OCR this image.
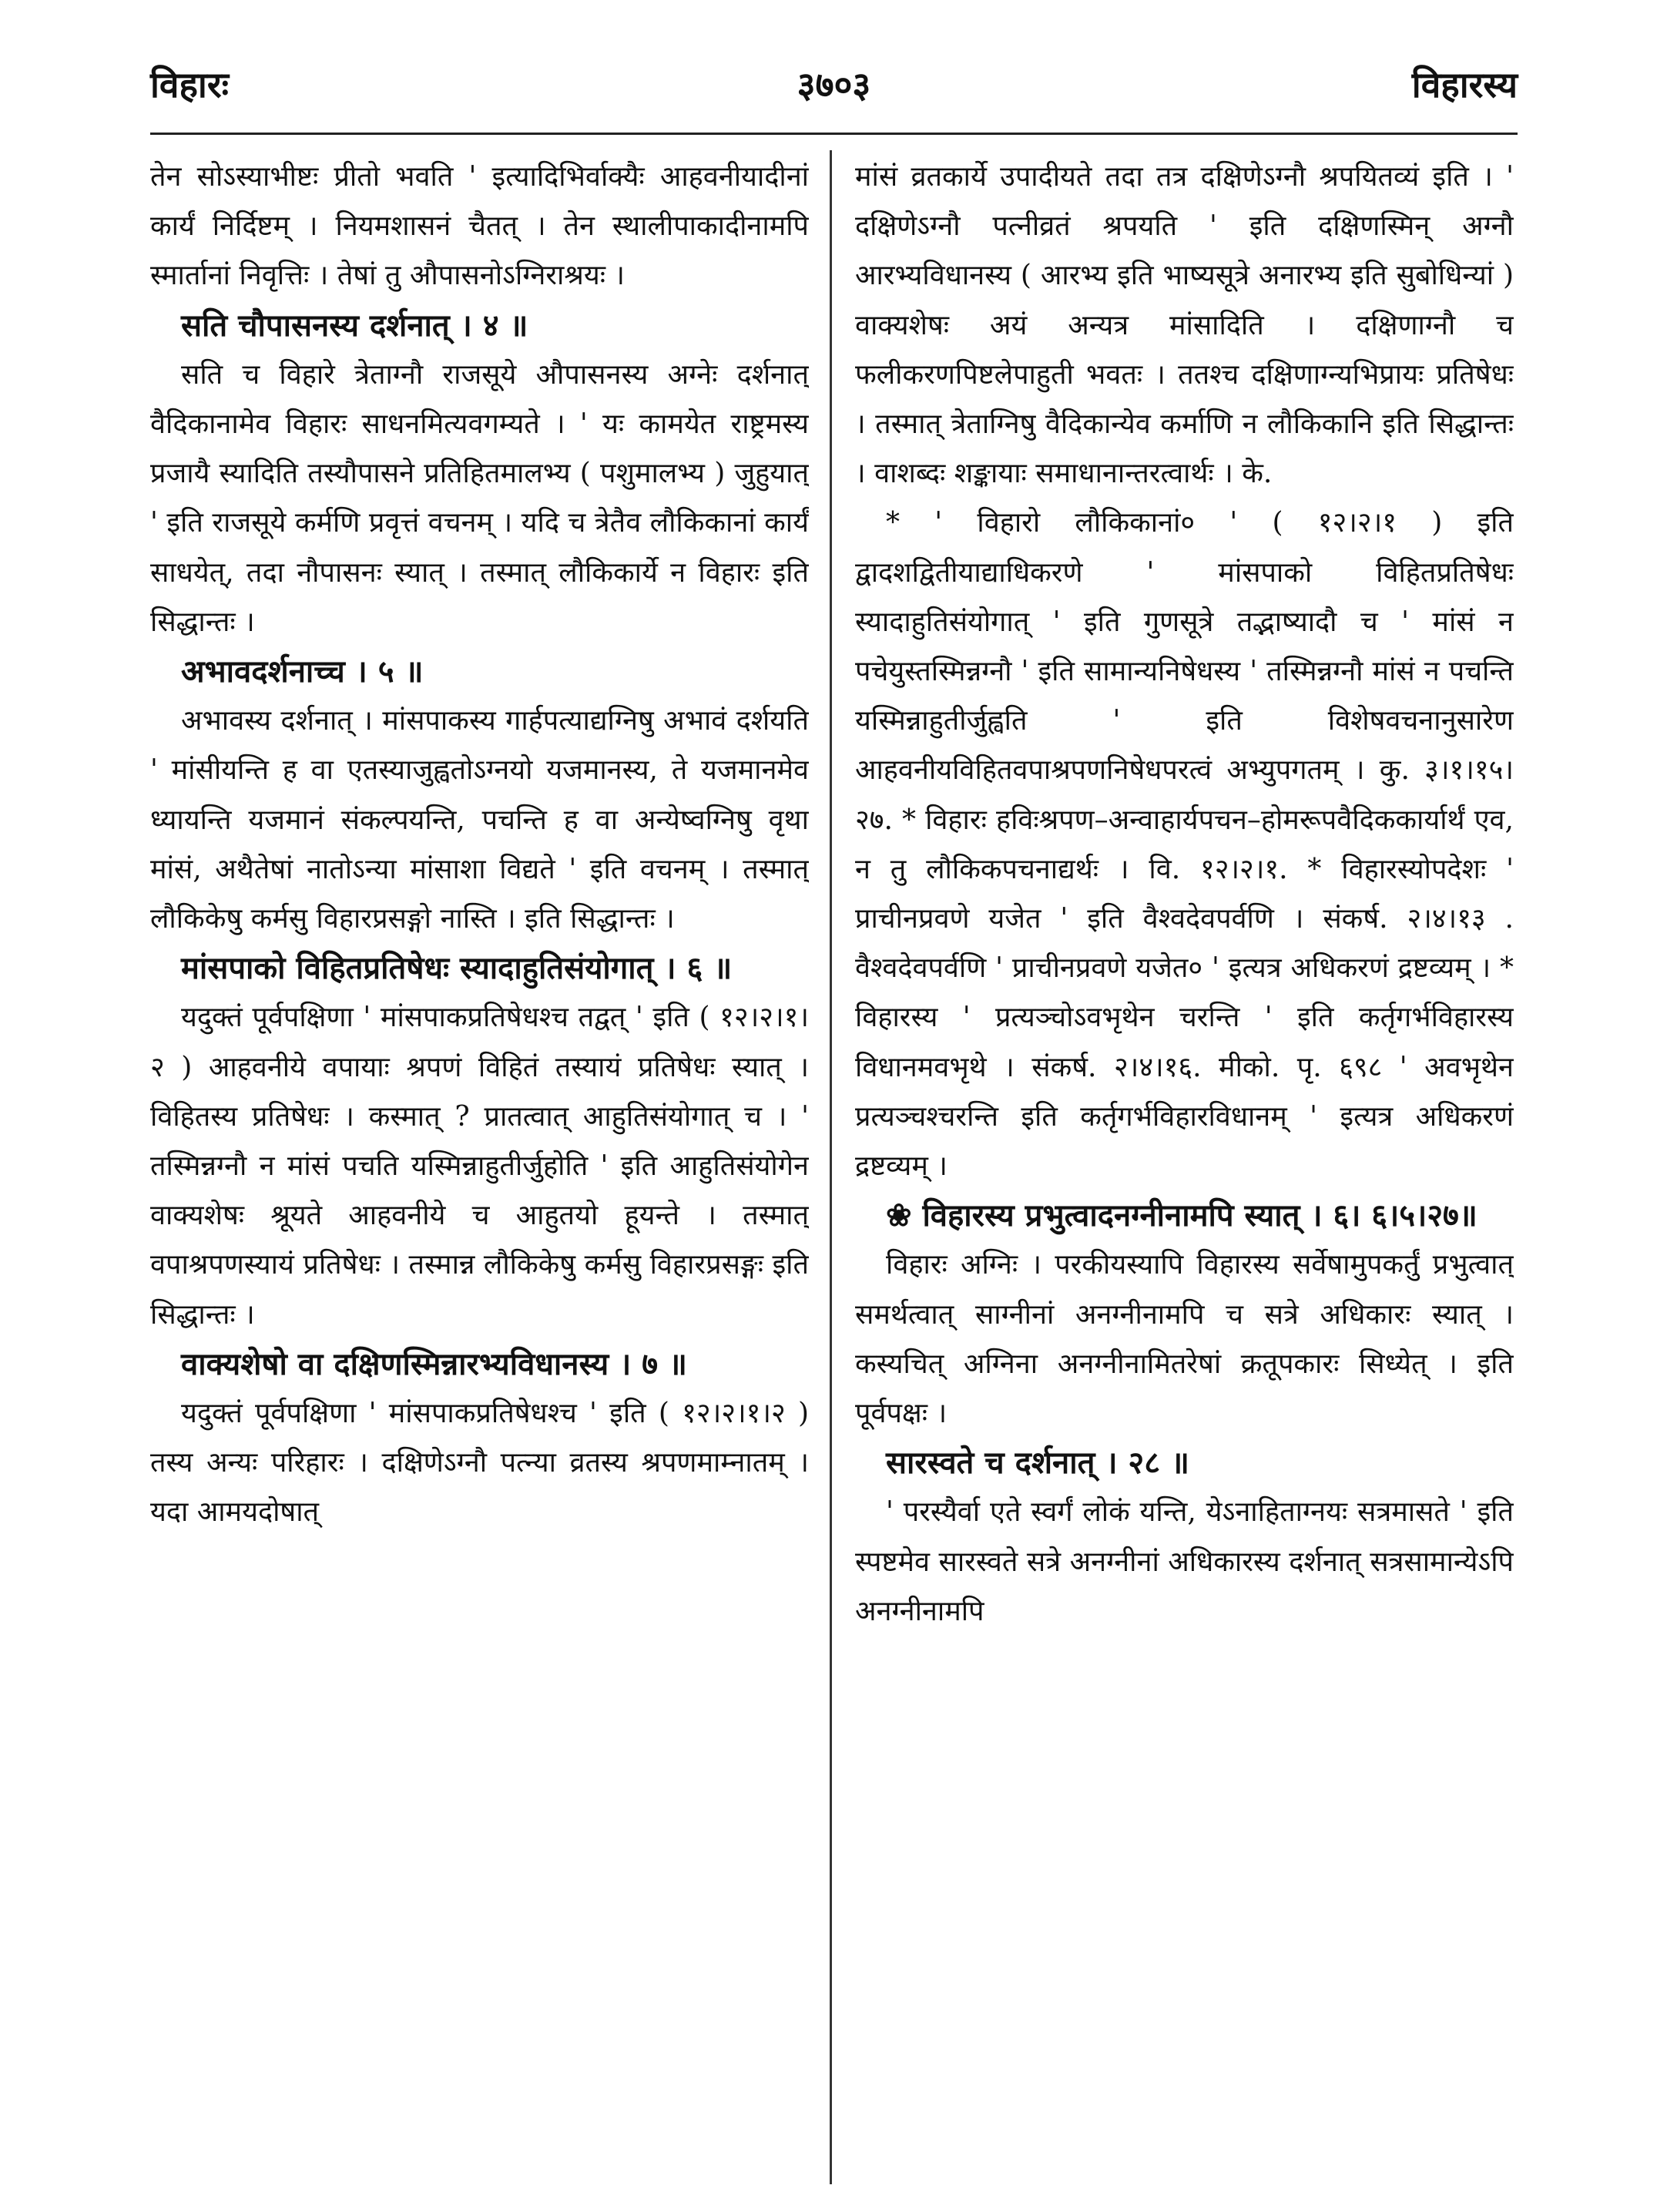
विहारः	३७०३	विहारस्य

तेन सोऽस्याभीष्टः प्रीतो भवति ' इत्यादिभिर्वाक्यैः आहवनीयादीनां कार्यं निर्दिष्टम् । नियमशासनं चैतत् । तेन स्थालीपाकादीनामपि स्मार्तानां निवृत्तिः । तेषां तु औपासनोऽग्निराश्रयः ।

सति चौपासनस्य दर्शनात् । ४ ॥

सति च विहारे त्रेताग्नौ राजसूये औपासनस्य अग्नेः दर्शनात् वैदिकानामेव विहारः साधनमित्यवगम्यते । ' यः कामयेत राष्ट्रमस्य प्रजायै स्यादिति तस्यौपासने प्रतिहितमालभ्य ( पशुमालभ्य ) जुहुयात् ' इति राजसूये कर्मणि प्रवृत्तं वचनम् । यदि च त्रेतैव लौकिकानां कार्यं साधयेत्, तदा नौपासनः स्यात् । तस्मात् लौकिकार्ये न विहारः इति सिद्धान्तः ।

अभावदर्शनाच्च । ५ ॥

अभावस्य दर्शनात् । मांसपाकस्य गार्हपत्याद्यग्निषु अभावं दर्शयति ' मांसीयन्ति ह वा एतस्याजुह्वतोऽग्नयो यजमानस्य, ते यजमानमेव ध्यायन्ति यजमानं संकल्पयन्ति, पचन्ति ह वा अन्येष्वग्निषु वृथा मांसं, अथैतेषां नातोऽन्या मांसाशा विद्यते ' इति वचनम् । तस्मात् लौकिकेषु कर्मसु विहारप्रसङ्गो नास्ति । इति सिद्धान्तः ।

मांसपाको विहितप्रतिषेधः स्यादाहुतिसंयोगात् । ६ ॥

यदुक्तं पूर्वपक्षिणा ' मांसपाकप्रतिषेधश्च तद्वत् ' इति ( १२।२।१।२ ) आहवनीये वपायाः श्रपणं विहितं तस्यायं प्रतिषेधः स्यात् । विहितस्य प्रतिषेधः । कस्मात् ? प्रातत्वात् आहुतिसंयोगात् च । ' तस्मिन्नग्नौ न मांसं पचति यस्मिन्नाहुतीर्जुहोति ' इति आहुतिसंयोगेन वाक्यशेषः श्रूयते आहवनीये च आहुतयो हूयन्ते । तस्मात् वपाश्रपणस्यायं प्रतिषेधः । तस्मान्न लौकिकेषु कर्मसु विहारप्रसङ्गः इति सिद्धान्तः ।

वाक्यशेषो वा दक्षिणस्मिन्नारभ्यविधानस्य । ७ ॥

यदुक्तं पूर्वपक्षिणा ' मांसपाकप्रतिषेधश्च ' इति ( १२।२।१।२ ) तस्य अन्यः परिहारः । दक्षिणेऽग्नौ पत्न्या व्रतस्य श्रपणमाम्नातम् । यदा आमयदोषात्

मांसं व्रतकार्ये उपादीयते तदा तत्र दक्षिणेऽग्नौ श्रपयितव्यं इति । ' दक्षिणेऽग्नौ पत्नीव्रतं श्रपयति ' इति दक्षिणस्मिन् अग्नौ आरभ्यविधानस्य ( आरभ्य इति भाष्यसूत्रे अनारभ्य इति सुबोधिन्यां ) वाक्यशेषः अयं अन्यत्र मांसादिति । दक्षिणाग्नौ च फलीकरणपिष्टलेपाहुती भवतः । ततश्च दक्षिणाग्न्यभिप्रायः प्रतिषेधः । तस्मात् त्रेताग्निषु वैदिकान्येव कर्माणि न लौकिकानि इति सिद्धान्तः । वाशब्दः शङ्कायाः समाधानान्तरत्वार्थः । के.

* ' विहारो लौकिकानां० ' ( १२।२।१ ) इति द्वादशद्वितीयाद्याधिकरणे ' मांसपाको विहितप्रतिषेधः स्यादाहुतिसंयोगात् ' इति गुणसूत्रे तद्भाष्यादौ च ' मांसं न पचेयुस्तस्मिन्नग्नौ ' इति सामान्यनिषेधस्य ' तस्मिन्नग्नौ मांसं न पचन्ति यस्मिन्नाहुतीर्जुह्वति ' इति विशेषवचनानुसारेण आहवनीयविहितवपाश्रपणनिषेधपरत्वं अभ्युपगतम् । कु. ३।१।१५।२७. * विहारः हविःश्रपण–अन्वाहार्यपचन–होमरूपवैदिककार्यार्थं एव, न तु लौकिकपचनाद्यर्थः । वि. १२।२।१. * विहारस्योपदेशः ' प्राचीनप्रवणे यजेत ' इति वैश्वदेवपर्वणि । संकर्ष. २।४।१३ . वैश्वदेवपर्वणि ' प्राचीनप्रवणे यजेत० ' इत्यत्र अधिकरणं द्रष्टव्यम् । * विहारस्य ' प्रत्यञ्चोऽवभृथेन चरन्ति ' इति कर्तृगर्भविहारस्य विधानमवभृथे । संकर्ष. २।४।१६. मीको. पृ. ६९८ ' अवभृथेन प्रत्यञ्चश्चरन्ति इति कर्तृगर्भविहारविधानम् ' इत्यत्र अधिकरणं द्रष्टव्यम् ।

❀ विहारस्य प्रभुत्वादनग्नीनामपि स्यात् । ६। ६।५।२७॥

विहारः अग्निः । परकीयस्यापि विहारस्य सर्वेषामुपकर्तुं प्रभुत्वात् समर्थत्वात् साग्नीनां अनग्नीनामपि च सत्रे अधिकारः स्यात् । कस्यचित् अग्निना अनग्नीनामितरेषां क्रतूपकारः सिध्येत् । इति पूर्वपक्षः ।

सारस्वते च दर्शनात् । २८ ॥

' परस्यैर्वा एते स्वर्गं लोकं यन्ति, येऽनाहिताग्नयः सत्रमासते ' इति स्पष्टमेव सारस्वते सत्रे अनग्नीनां अधिकारस्य दर्शनात् सत्रसामान्येऽपि अनग्नीनामपि
